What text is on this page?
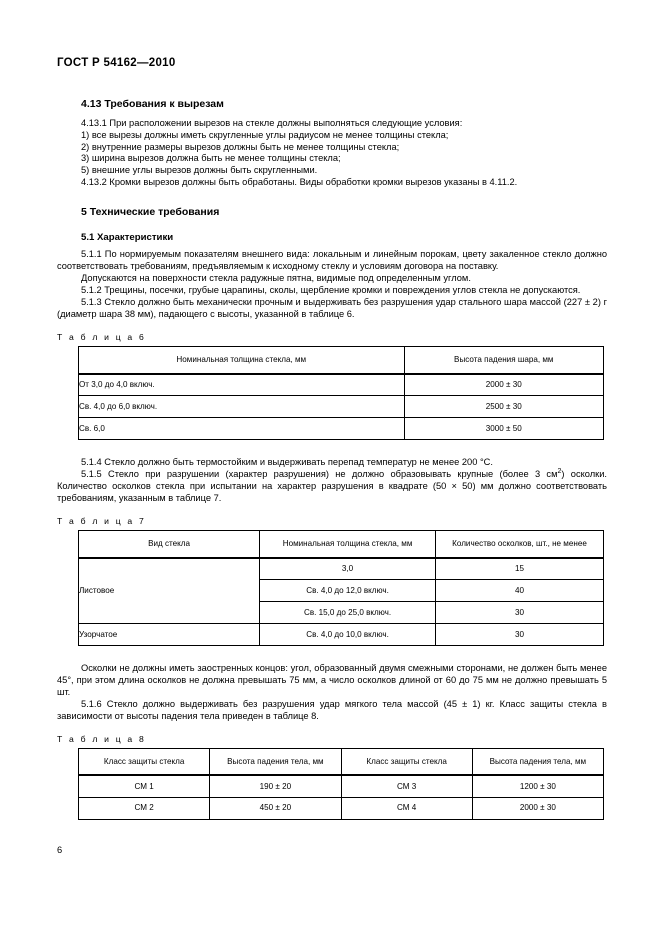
ГОСТ Р 54162—2010
4.13 Требования к вырезам

4.13.1 При расположении вырезов на стекле должны выполняться следующие условия:

1) все вырезы должны иметь скругленные углы радиусом не менее толщины стекла;

2) внутренние размеры вырезов должны быть не менее толщины стекла;

3) ширина вырезов должна быть не менее толщины стекла;

5) внешние углы вырезов должны быть скругленными.

4.13.2 Кромки вырезов должны быть обработаны. Виды обработки кромки вырезов указаны в 4.11.2.

5 Технические требования
5.1 Характеристики

5.1.1 По нормируемым показателям внешнего вида: локальным и линейным порокам, цвету закаленное стекло должно соответствовать требованиям, предъявляемым к исходному стеклу и условиям договора на поставку.

Допускаются на поверхности стекла радужные пятна, видимые под определенным углом.

5.1.2 Трещины, посечки, грубые царапины, сколы, щербление кромки и повреждения углов стекла не допускаются.

5.1.3 Стекло должно быть механически прочным и выдерживать без разрушения удар стального шара массой (227 ± 2) г (диаметр шара 38 мм), падающего с высоты, указанной в таблице 6.

Т а б л и ц а 6
Номинальная толщина стекла, мм	Высота падения шара, мм
От 3,0 до 4,0 включ.	2000 ± 30
Св. 4,0 до 6,0 включ.	2500 ± 30
Св. 6,0	3000 ± 50

5.1.4 Стекло должно быть термостойким и выдерживать перепад температур не менее 200 °С.

5.1.5 Стекло при разрушении (характер разрушения) не должно образовывать крупные (более 3 $см^2$) осколки. Количество осколков стекла при испытании на характер разрушения в квадрате (50 × 50) мм должно соответствовать требованиям, указанным в таблице 7.

Т а б л и ц а 7
Вид стекла	Номинальная толщина стекла, мм	Количество осколков, шт., не менее
Листовое	3,0	15
	Св. 4,0 до 12,0 включ.	40
	Св. 15,0 до 25,0 включ.	30
Узорчатое	Св. 4,0 до 10,0 включ.	30

Осколки не должны иметь заостренных концов: угол, образованный двумя смежными сторонами, не должен быть менее 45°, при этом длина осколков не должна превышать 75 мм, а число осколков длиной от 60 до 75 мм не должно превышать 5 шт.

5.1.6 Стекло должно выдерживать без разрушения удар мягкого тела массой (45 ± 1) кг. Класс защиты стекла в зависимости от высоты падения тела приведен в таблице 8.

Т а б л и ц а 8
Класс защиты стекла	Высота падения тела, мм	Класс защиты стекла	Высота падения тела, мм
СМ 1	190 ± 20	СМ 3	1200 ± 30
СМ 2	450 ± 20	СМ 4	2000 ± 30
6
